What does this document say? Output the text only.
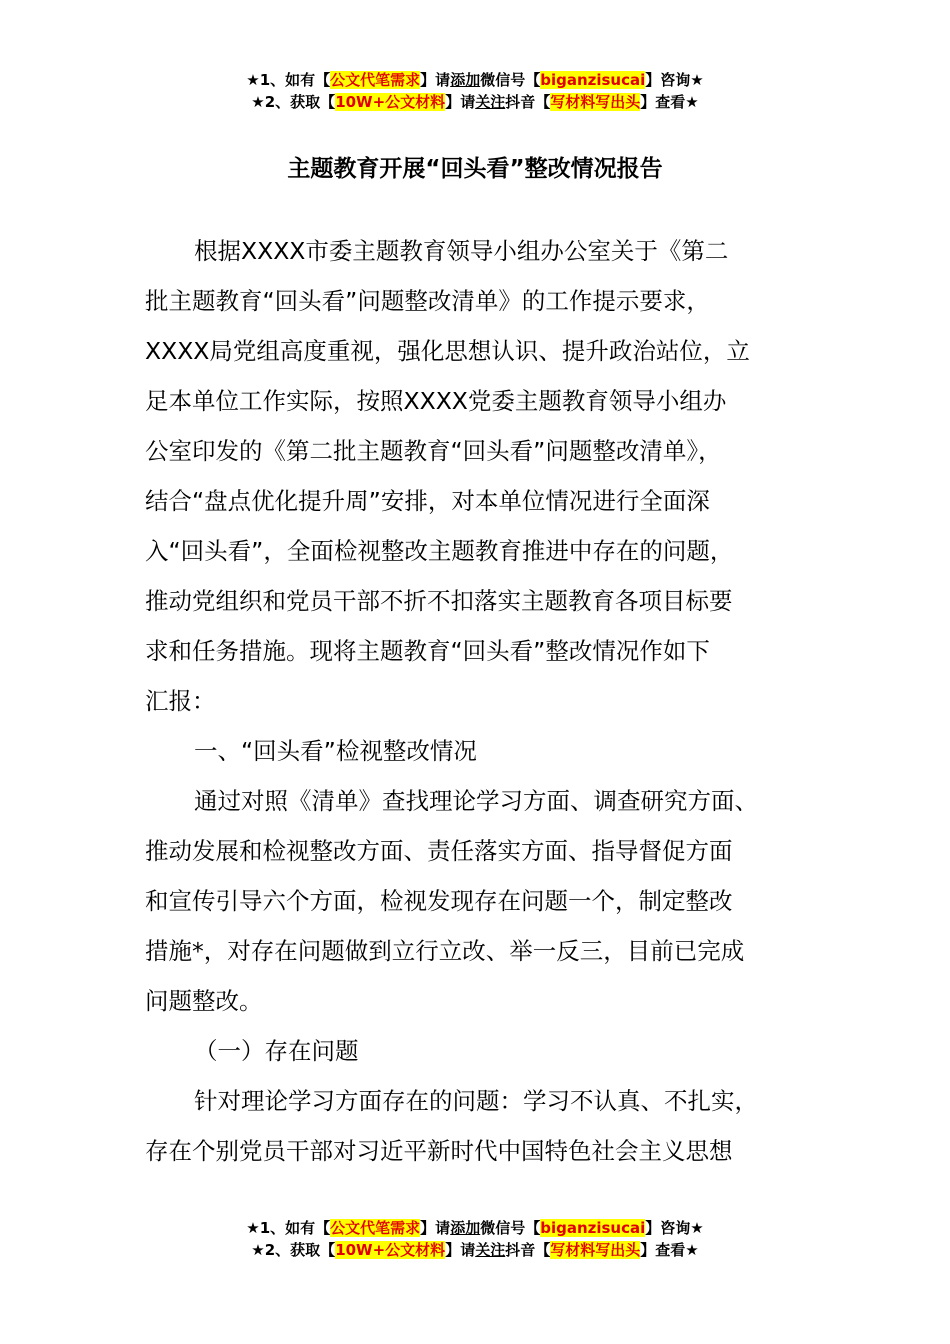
★1、如有【公文代笔需求】请添加微信号【biganzisucai】咨询★
★2、获取【10W+公文材料】请关注抖音【写材料写出头】查看★
主题教育开展“回头看”整改情况报告

根据XXXX市委主题教育领导小组办公室关于《第二

批主题教育“回头看”问题整改清单》的工作提示要求，

XXXX局党组高度重视，强化思想认识、提升政治站位，立

足本单位工作实际，按照XXXX党委主题教育领导小组办

公室印发的《第二批主题教育“回头看”问题整改清单》，

结合“盘点优化提升周”安排，对本单位情况进行全面深

入“回头看”，全面检视整改主题教育推进中存在的问题，

推动党组织和党员干部不折不扣落实主题教育各项目标要

求和任务措施。现将主题教育“回头看”整改情况作如下

汇报：

一、“回头看”检视整改情况

通过对照《清单》查找理论学习方面、调查研究方面、

推动发展和检视整改方面、责任落实方面、指导督促方面

和宣传引导六个方面，检视发现存在问题一个，制定整改

措施*，对存在问题做到立行立改、举一反三，目前已完成

问题整改。

（一）存在问题

针对理论学习方面存在的问题：学习不认真、不扎实，

存在个别党员干部对习近平新时代中国特色社会主义思想

★1、如有【公文代笔需求】请添加微信号【biganzisucai】咨询★
★2、获取【10W+公文材料】请关注抖音【写材料写出头】查看★
